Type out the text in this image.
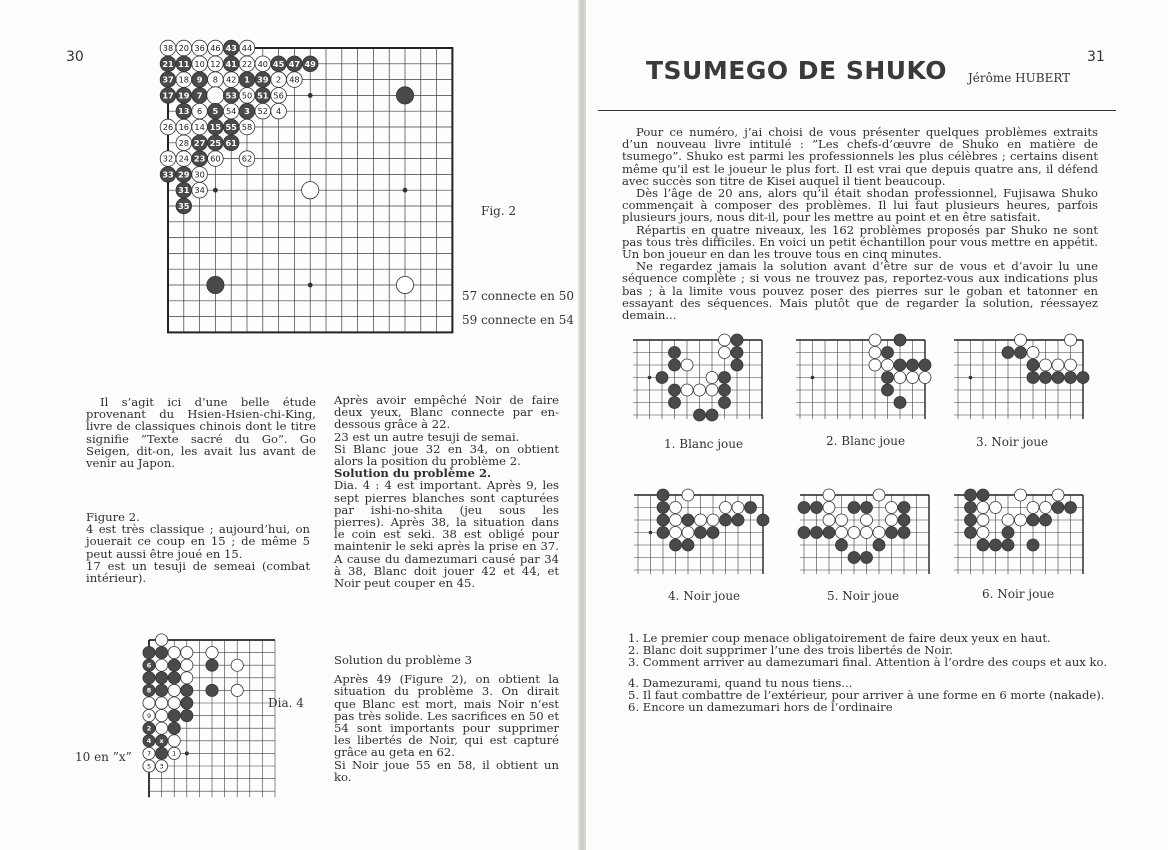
30
38 20 36 46 43 44
21 11 10 12 41 22 40 45 47 49
37 18 9 8 42 1 39 2 48
17 19 7	53 50 51 56
13 6 5 54 3 52 4
26 16 14 15 55 58
28 27 25 61
32 24 23 60	62
33 29 30
31 34
35	Fig. 2
57 connecte en 50
59 connecte en 54

Il s’agit ici d’une belle étude provenant du Hsien-Hsien-chi-King, livre de classiques chinois dont le titre signifie ”Texte sacré du Go”. Go Seigen, dit-on, les avait lus avant de venir au Japon.

Figure 2.

4 est très classique ; aujourd’hui, on jouerait ce coup en 15 ; de même 5 peut aussi être joué en 15.

17 est un tesuji de semeai (combat intérieur).

Après avoir empêché Noir de faire deux yeux, Blanc connecte par en-dessous grâce à 22.

23 est un autre tesuji de semai.

Si Blanc joue 32 en 34, on obtient alors la position du problème 2.

Solution du problème 2.

Dia. 4 : 4 est important. Après 9, les sept pierres blanches sont capturées par ishi-no-shita (jeu sous les pierres). Après 38, la situation dans le coin est seki. 38 est obligé pour maintenir le seki après la prise en 37. A cause du damezumari causé par 34 à 38, Blanc doit jouer 42 et 44, et Noir peut couper en 45.

6
8
9
2
4 x
7	1
5 3
Dia. 4
10 en ”x”

Solution du problème 3

Après 49 (Figure 2), on obtient la situation du problème 3. On dirait que Blanc est mort, mais Noir n’est pas très solide. Les sacrifices en 50 et 54 sont importants pour supprimer les libertés de Noir, qui est capturé grâce au geta en 62.

Si Noir joue 55 en 58, il obtient un ko.

31
TSUMEGO DE SHUKO Jérôme HUBERT

Pour ce numéro, j’ai choisi de vous présenter quelques problèmes extraits d’un nouveau livre intitulé : ”Les chefs-d’œuvre de Shuko en matière de tsumego”. Shuko est parmi les professionnels les plus célèbres ; certains disent même qu’il est le joueur le plus fort. Il est vrai que depuis quatre ans, il défend avec succès son titre de Kisei auquel il tient beaucoup.

Dès l’âge de 20 ans, alors qu’il était shodan professionnel, Fujisawa Shuko commençait à composer des problèmes. Il lui faut plusieurs heures, parfois plusieurs jours, nous dit-il, pour les mettre au point et en être satisfait.

Répartis en quatre niveaux, les 162 problèmes proposés par Shuko ne sont pas tous très difficiles. En voici un petit échantillon pour vous mettre en appétit. Un bon joueur en dan les trouve tous en cinq minutes.

Ne regardez jamais la solution avant d’être sur de vous et d’avoir lu une séquence complète ; si vous ne trouvez pas, reportez-vous aux indications plus bas ; à la limite vous pouvez poser des pierres sur le goban et tatonner en essayant des séquences. Mais plutôt que de regarder la solution, réessayez demain...

1. Blanc joue	2. Blanc joue	3. Noir joue
4. Noir joue	5. Noir joue	6. Noir joue
1. Le premier coup menace obligatoirement de faire deux yeux en haut.
2. Blanc doit supprimer l’une des trois libertés de Noir.
3. Comment arriver au damezumari final. Attention à l’ordre des coups et aux ko.
4. Damezurami, quand tu nous tiens...
5. Il faut combattre de l’extérieur, pour arriver à une forme en 6 morte (nakade).
6. Encore un damezumari hors de l’ordinaire
